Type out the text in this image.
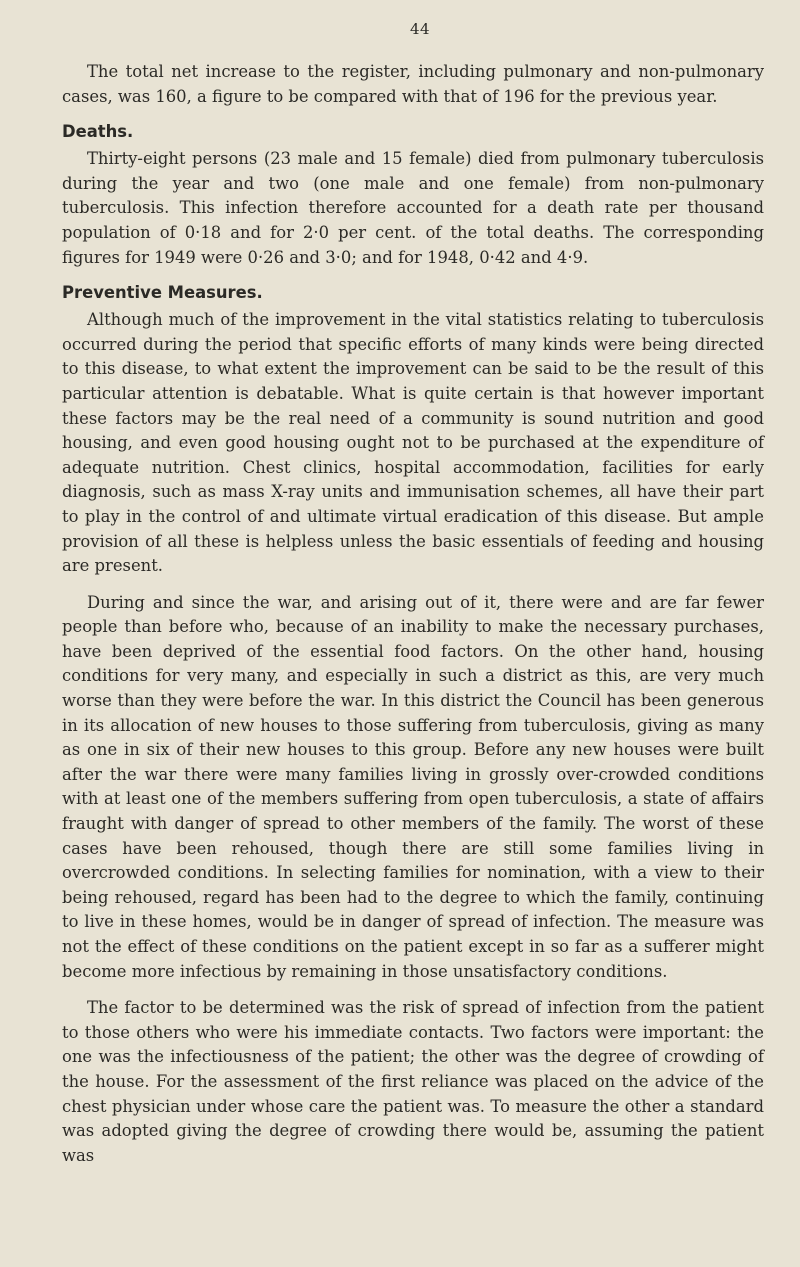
44

The total net increase to the register, including pulmonary and non-pulmonary cases, was 160, a figure to be compared with that of 196 for the previous year.

Deaths.

Thirty-eight persons (23 male and 15 female) died from pulmonary tuberculosis during the year and two (one male and one female) from non-pulmonary tuberculosis. This infection therefore accounted for a death rate per thousand population of 0·18 and for 2·0 per cent. of the total deaths. The corresponding figures for 1949 were 0·26 and 3·0; and for 1948, 0·42 and 4·9.

Preventive Measures.

Although much of the improvement in the vital statistics relating to tuberculosis occurred during the period that specific efforts of many kinds were being directed to this disease, to what extent the improvement can be said to be the result of this particular attention is debatable. What is quite certain is that however important these factors may be the real need of a community is sound nutrition and good housing, and even good housing ought not to be purchased at the expenditure of adequate nutrition. Chest clinics, hospital accommodation, facilities for early diagnosis, such as mass X-ray units and immunisation schemes, all have their part to play in the control of and ultimate virtual eradication of this disease. But ample provision of all these is helpless unless the basic essentials of feeding and housing are present.

During and since the war, and arising out of it, there were and are far fewer people than before who, because of an inability to make the necessary purchases, have been deprived of the essential food factors. On the other hand, housing conditions for very many, and especially in such a district as this, are very much worse than they were before the war. In this district the Council has been generous in its allocation of new houses to those suffering from tuberculosis, giving as many as one in six of their new houses to this group. Before any new houses were built after the war there were many families living in grossly over-crowded conditions with at least one of the members suffering from open tuberculosis, a state of affairs fraught with danger of spread to other members of the family. The worst of these cases have been rehoused, though there are still some families living in overcrowded conditions. In selecting families for nomination, with a view to their being rehoused, regard has been had to the degree to which the family, continuing to live in these homes, would be in danger of spread of infection. The measure was not the effect of these conditions on the patient except in so far as a sufferer might become more infectious by remaining in those unsatisfactory conditions.

The factor to be determined was the risk of spread of infection from the patient to those others who were his immediate contacts. Two factors were important: the one was the infectiousness of the patient; the other was the degree of crowding of the house. For the assessment of the first reliance was placed on the advice of the chest physician under whose care the patient was. To measure the other a standard was adopted giving the degree of crowding there would be, assuming the patient was
